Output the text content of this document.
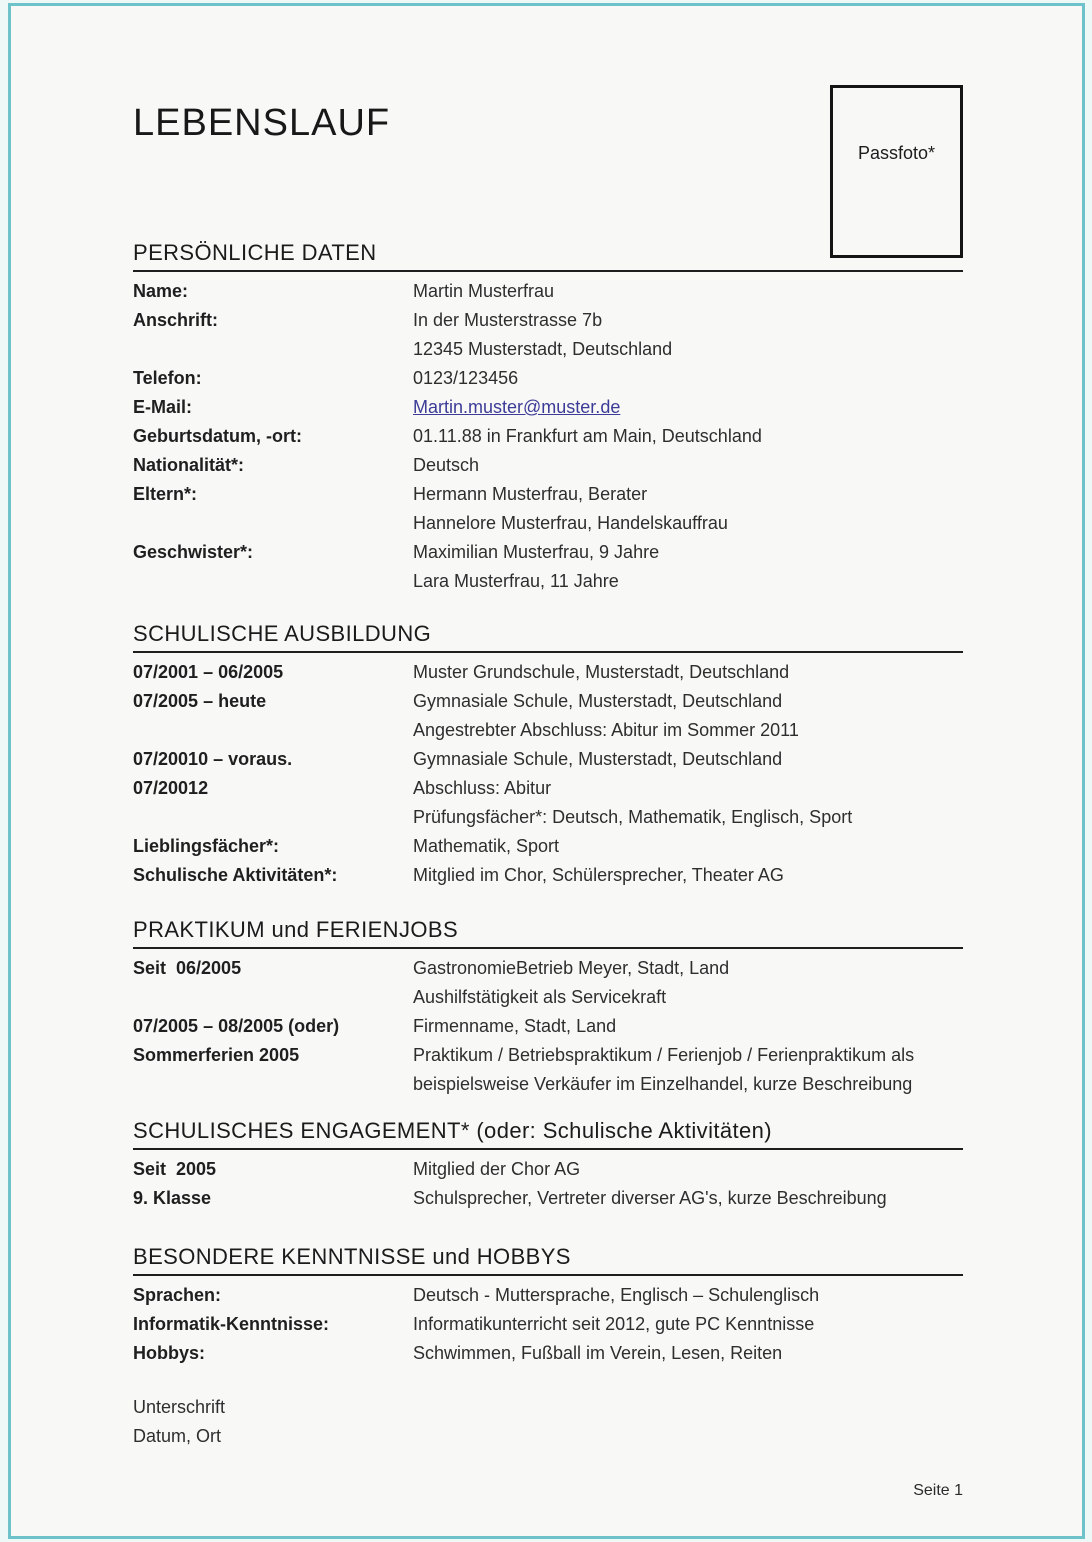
Passfoto*
LEBENSLAUF
PERSÖNLICHE DATEN
Name:	Martin Musterfrau
Anschrift:	In der Musterstrasse 7b
12345 Musterstadt, Deutschland
Telefon:	0123/123456
E-Mail:	Martin.muster@muster.de
Geburtsdatum, -ort:	01.11.88 in Frankfurt am Main, Deutschland
Nationalität*:	Deutsch
Eltern*:	Hermann Musterfrau, Berater
Hannelore Musterfrau, Handelskauffrau
Geschwister*:	Maximilian Musterfrau, 9 Jahre
Lara Musterfrau, 11 Jahre
SCHULISCHE AUSBILDUNG
07/2001 – 06/2005	Muster Grundschule, Musterstadt, Deutschland
07/2005 – heute	Gymnasiale Schule, Musterstadt, Deutschland
Angestrebter Abschluss: Abitur im Sommer 2011
07/20010 – voraus.	Gymnasiale Schule, Musterstadt, Deutschland
07/20012	Abschluss: Abitur
Prüfungsfächer*: Deutsch, Mathematik, Englisch, Sport
Lieblingsfächer*:	Mathematik, Sport
Schulische Aktivitäten*:	Mitglied im Chor, Schülersprecher, Theater AG
PRAKTIKUM und FERIENJOBS
Seit  06/2005	GastronomieBetrieb Meyer, Stadt, Land
Aushilfstätigkeit als Servicekraft
07/2005 – 08/2005 (oder)	Firmenname, Stadt, Land
Sommerferien 2005	Praktikum / Betriebspraktikum / Ferienjob / Ferienpraktikum als
beispielsweise Verkäufer im Einzelhandel, kurze Beschreibung
SCHULISCHES ENGAGEMENT* (oder: Schulische Aktivitäten)
Seit  2005	Mitglied der Chor AG
9. Klasse	Schulsprecher, Vertreter diverser AG's, kurze Beschreibung
BESONDERE KENNTNISSE und HOBBYS
Sprachen:	Deutsch - Muttersprache, Englisch – Schulenglisch
Informatik-Kenntnisse:	Informatikunterricht seit 2012, gute PC Kenntnisse
Hobbys:	Schwimmen, Fußball im Verein, Lesen, Reiten
Unterschrift
Datum, Ort
Seite 1
